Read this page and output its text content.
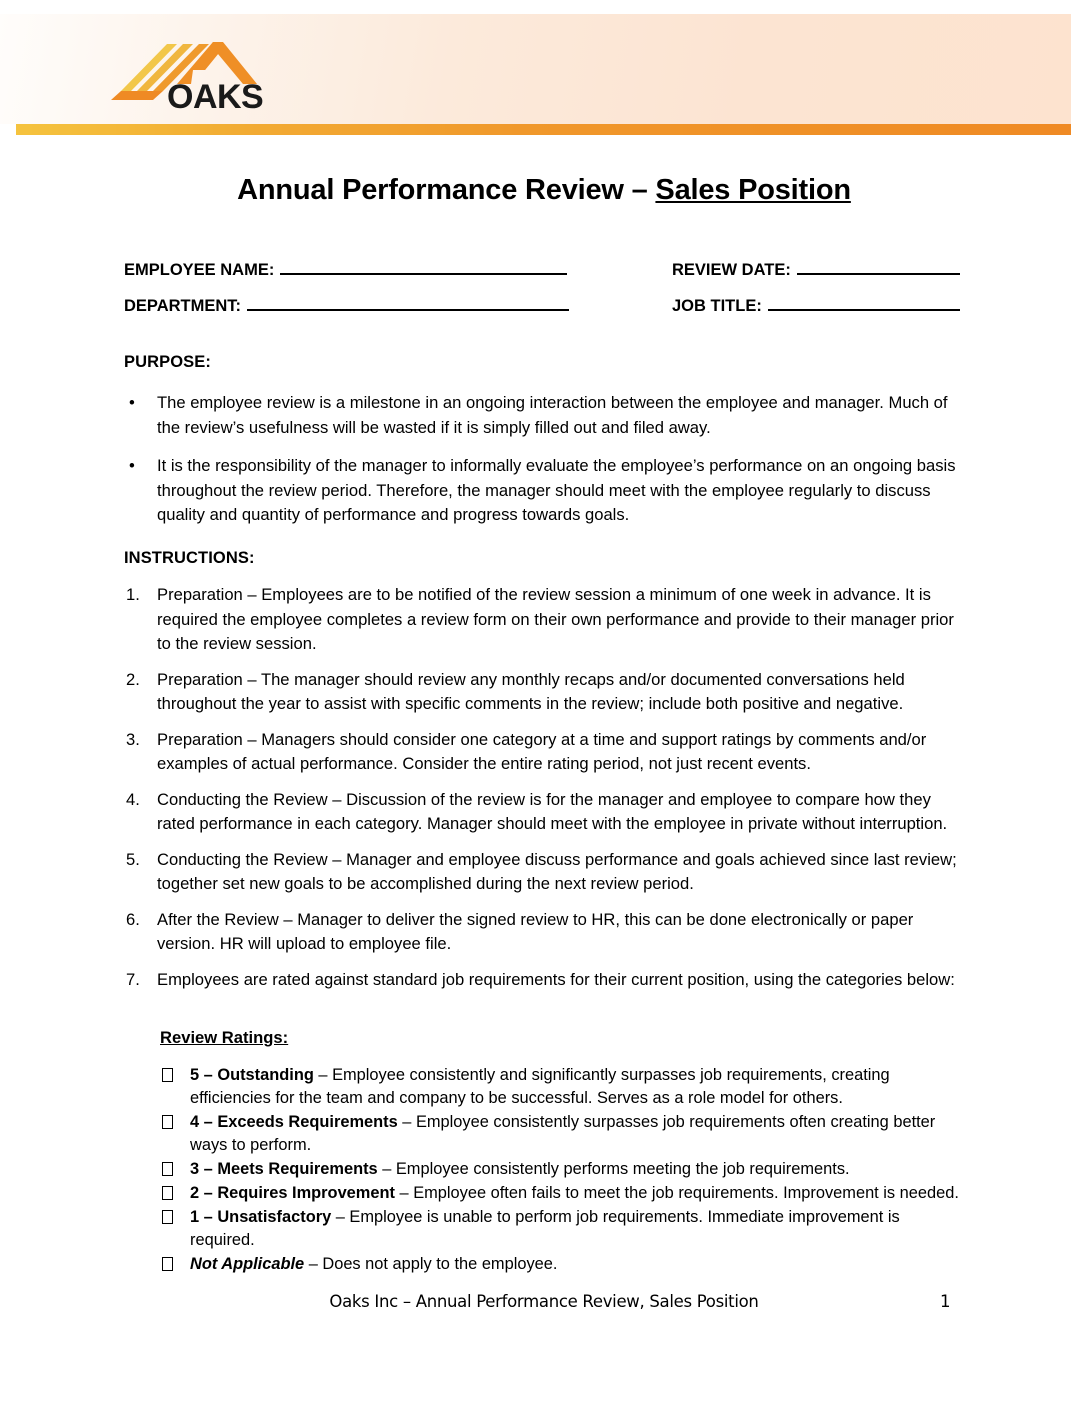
OAKS
Annual Performance Review – Sales Position
EMPLOYEE NAME:	REVIEW DATE:
DEPARTMENT:	JOB TITLE:
PURPOSE:
• The employee review is a milestone in an ongoing interaction between the employee and manager. Much of the review’s usefulness will be wasted if it is simply filled out and filed away.
• It is the responsibility of the manager to informally evaluate the employee’s performance on an ongoing basis throughout the review period. Therefore, the manager should meet with the employee regularly to discuss quality and quantity of performance and progress towards goals.
INSTRUCTIONS:
1. Preparation – Employees are to be notified of the review session a minimum of one week in advance. It is required the employee completes a review form on their own performance and provide to their manager prior to the review session.
2. Preparation – The manager should review any monthly recaps and/or documented conversations held throughout the year to assist with specific comments in the review; include both positive and negative.
3. Preparation – Managers should consider one category at a time and support ratings by comments and/or examples of actual performance. Consider the entire rating period, not just recent events.
4. Conducting the Review – Discussion of the review is for the manager and employee to compare how they rated performance in each category. Manager should meet with the employee in private without interruption.
5. Conducting the Review – Manager and employee discuss performance and goals achieved since last review; together set new goals to be accomplished during the next review period.
6. After the Review – Manager to deliver the signed review to HR, this can be done electronically or paper version. HR will upload to employee file.
7. Employees are rated against standard job requirements for their current position, using the categories below:
Review Ratings:
5 – Outstanding – Employee consistently and significantly surpasses job requirements, creating efficiencies for the team and company to be successful. Serves as a role model for others.
4 – Exceeds Requirements – Employee consistently surpasses job requirements often creating better ways to perform.
3 – Meets Requirements – Employee consistently performs meeting the job requirements.
2 – Requires Improvement – Employee often fails to meet the job requirements. Improvement is needed.
1 – Unsatisfactory – Employee is unable to perform job requirements. Immediate improvement is required.
Not Applicable – Does not apply to the employee.
Oaks Inc – Annual Performance Review, Sales Position	1
